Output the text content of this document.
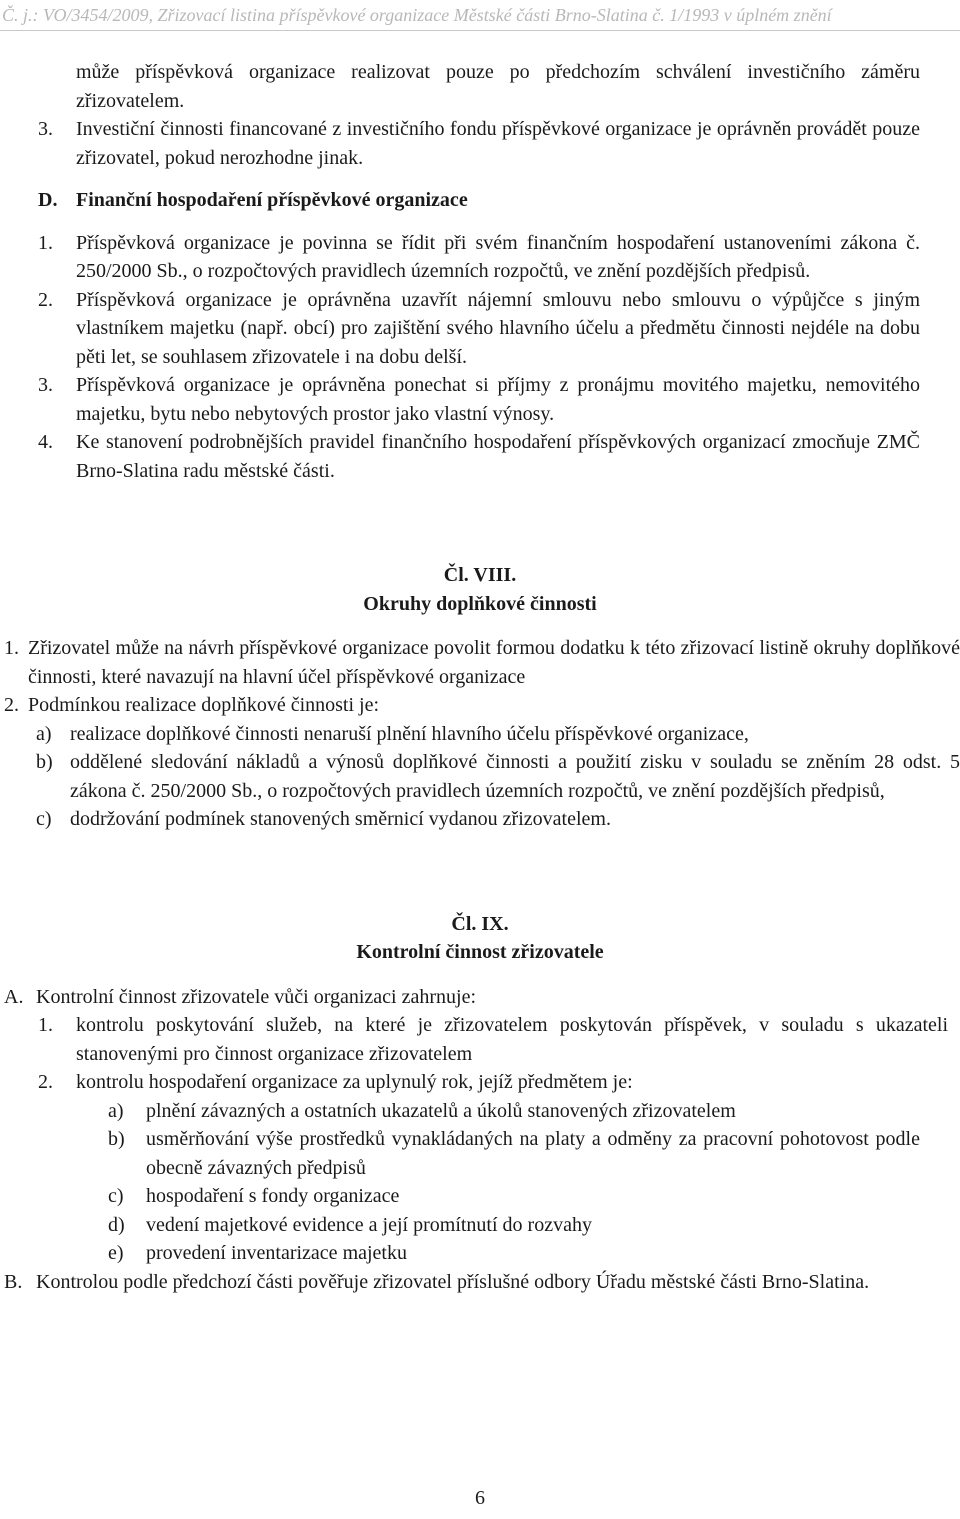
Č. j.: VO/3454/2009, Zřizovací listina příspěvkové organizace Městské části Brno-Slatina č. 1/1993 v úplném znění

může příspěvková organizace realizovat pouze po předchozím schválení investičního záměru zřizovatelem.

3. Investiční činnosti financované z investičního fondu příspěvkové organizace je oprávněn provádět pouze zřizovatel, pokud nerozhodne jinak.
D. Finanční hospodaření příspěvkové organizace
1. Příspěvková organizace je povinna se řídit při svém finančním hospodaření ustanoveními zákona č. 250/2000 Sb., o rozpočtových pravidlech územních rozpočtů, ve znění pozdějších předpisů.
2. Příspěvková organizace je oprávněna uzavřít nájemní smlouvu nebo smlouvu o výpůjčce s jiným vlastníkem majetku (např. obcí) pro zajištění svého hlavního účelu a předmětu činnosti nejdéle na dobu pěti let, se souhlasem zřizovatele i na dobu delší.
3. Příspěvková organizace je oprávněna ponechat si příjmy z pronájmu movitého majetku, nemovitého majetku, bytu nebo nebytových prostor jako vlastní výnosy.
4. Ke stanovení podrobnějších pravidel finančního hospodaření příspěvkových organizací zmocňuje ZMČ Brno-Slatina radu městské části.

Čl. VIII.

Okruhy doplňkové činnosti

1. Zřizovatel může na návrh příspěvkové organizace povolit formou dodatku k této zřizovací listině okruhy doplňkové činnosti, které navazují na hlavní účel příspěvkové organizace
2. Podmínkou realizace doplňkové činnosti je:
a) realizace doplňkové činnosti nenaruší plnění hlavního účelu příspěvkové organizace,
b) oddělené sledování nákladů a výnosů doplňkové činnosti a použití zisku v souladu se zněním 28 odst. 5 zákona č. 250/2000 Sb., o rozpočtových pravidlech územních rozpočtů, ve znění pozdějších předpisů,
c) dodržování podmínek stanovených směrnicí vydanou zřizovatelem.

Čl. IX.

Kontrolní činnost zřizovatele

A. Kontrolní činnost zřizovatele vůči organizaci zahrnuje:
1. kontrolu poskytování služeb, na které je zřizovatelem poskytován příspěvek, v souladu s ukazateli stanovenými pro činnost organizace zřizovatelem
2. kontrolu hospodaření organizace za uplynulý rok, jejíž předmětem je:
a) plnění závazných a ostatních ukazatelů a úkolů stanovených zřizovatelem
b) usměrňování výše prostředků vynakládaných na platy a odměny za pracovní pohotovost podle obecně závazných předpisů
c) hospodaření s fondy organizace
d) vedení majetkové evidence a její promítnutí do rozvahy
e) provedení inventarizace majetku
B. Kontrolou podle předchozí části pověřuje zřizovatel příslušné odbory Úřadu městské části Brno-Slatina.
6
